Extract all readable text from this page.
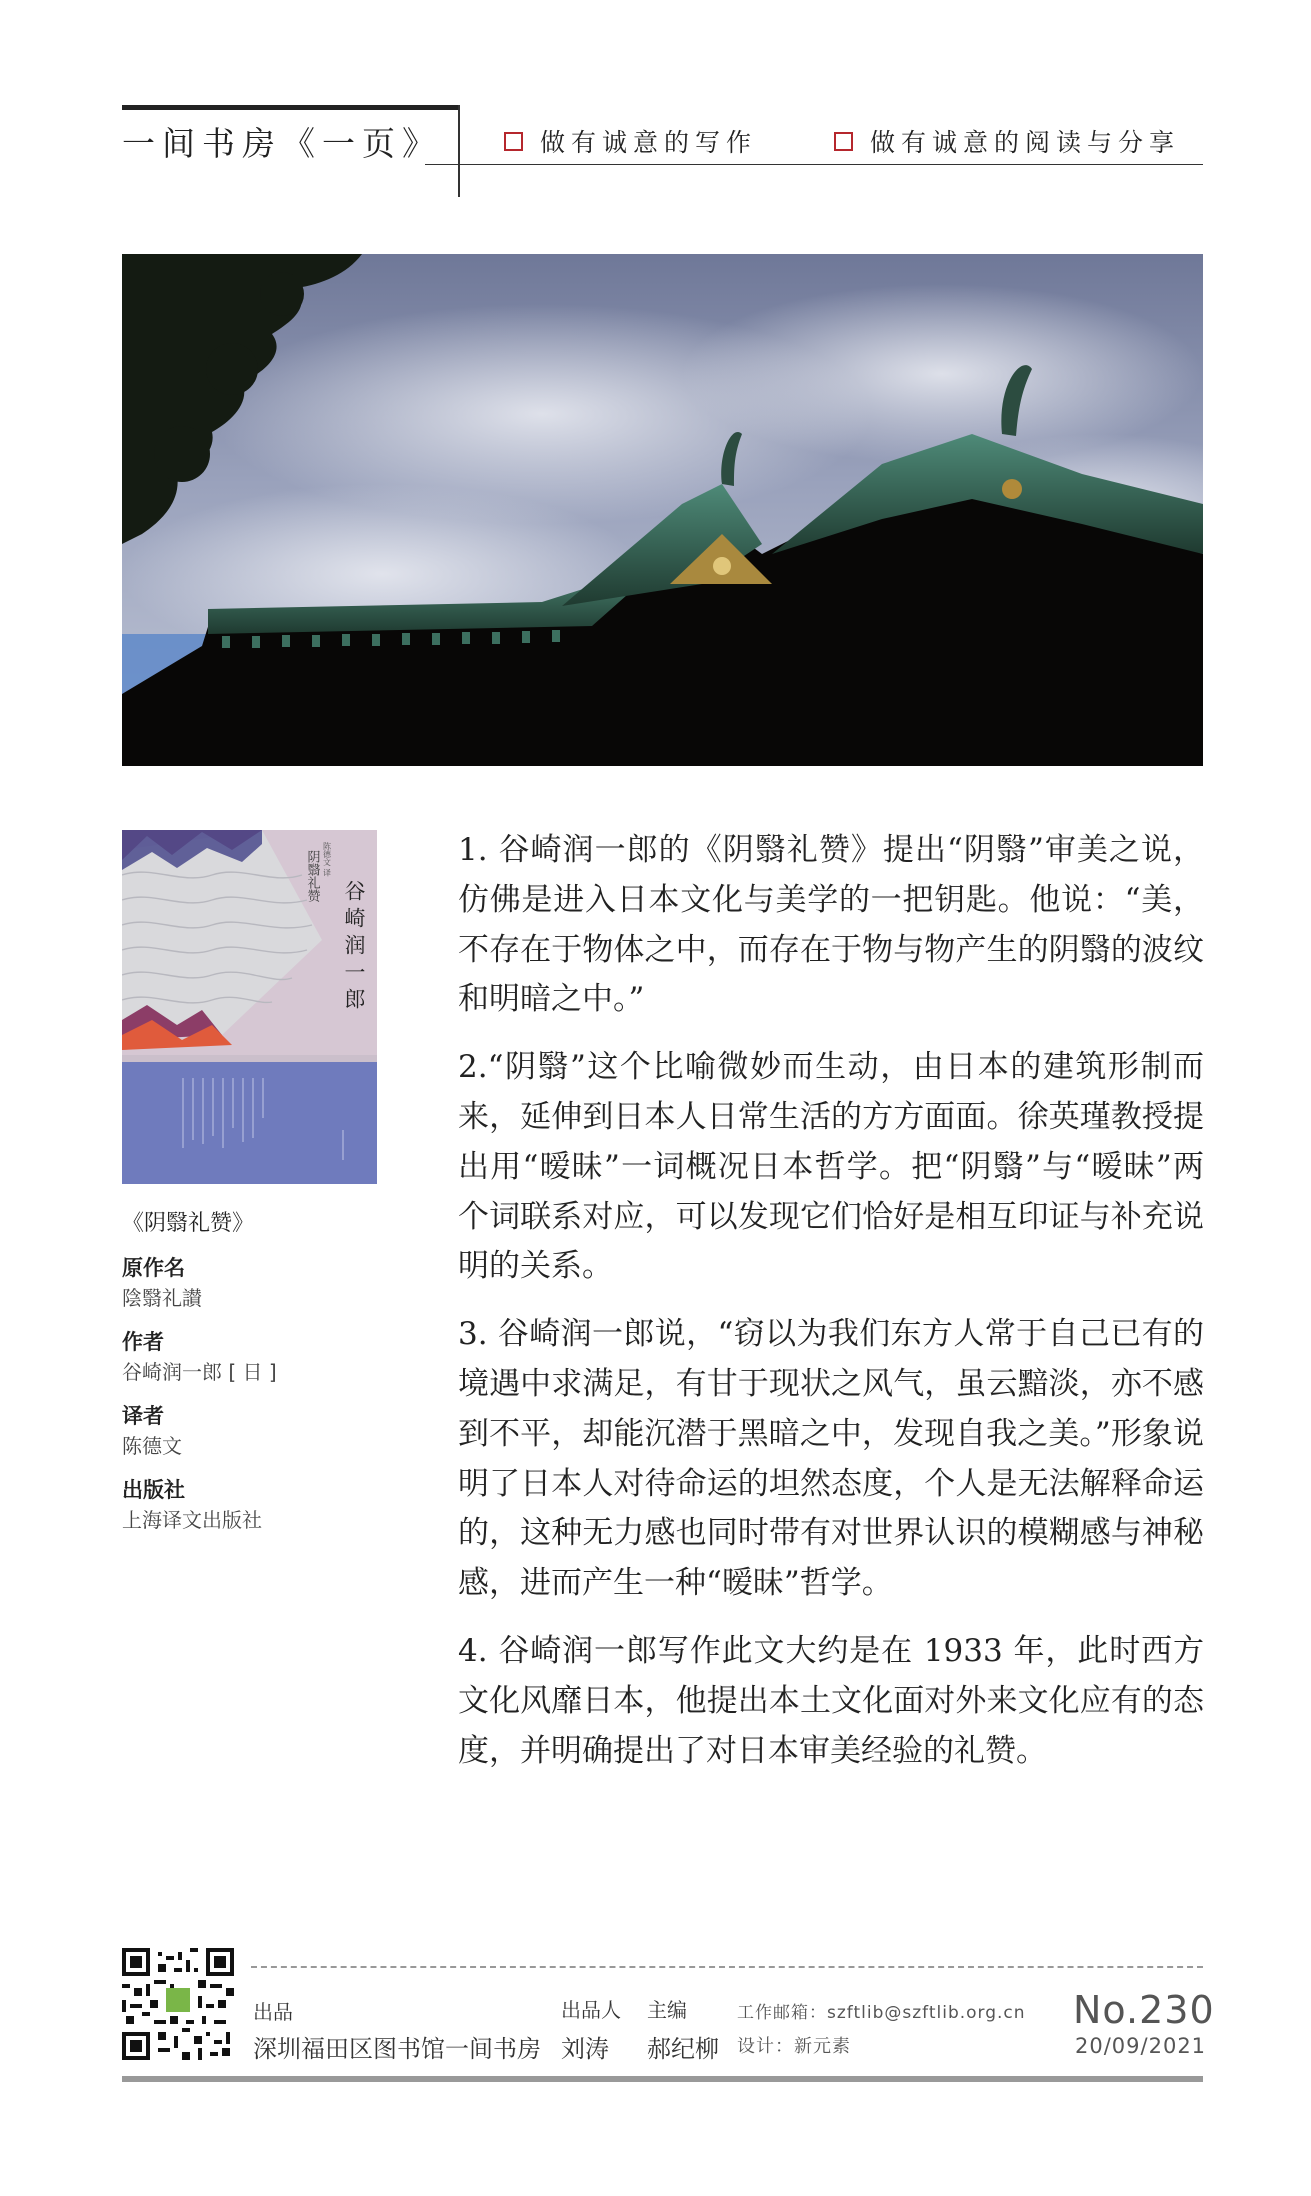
一间书房《一页》	做有诚意的写作	做有诚意的阅读与分享
阴翳礼赞
谷崎润一郎
陈德文 译
《阴翳礼赞》
原作名
陰翳礼讃
作者
谷崎润一郎 [ 日 ]
译者
陈德文
出版社
上海译文出版社

1. 谷崎润一郎的《阴翳礼赞》提出“阴翳”审美之说，仿佛是进入日本文化与美学的一把钥匙。他说：“美，不存在于物体之中，而存在于物与物产生的阴翳的波纹和明暗之中。”

2.“阴翳”这个比喻微妙而生动，由日本的建筑形制而来，延伸到日本人日常生活的方方面面。徐英瑾教授提出用“暧昧”一词概况日本哲学。把“阴翳”与“暧昧”两个词联系对应，可以发现它们恰好是相互印证与补充说明的关系。

3. 谷崎润一郎说，“窃以为我们东方人常于自己已有的境遇中求满足，有甘于现状之风气，虽云黯淡，亦不感到不平，却能沉潜于黑暗之中，发现自我之美。”形象说明了日本人对待命运的坦然态度，个人是无法解释命运的，这种无力感也同时带有对世界认识的模糊感与神秘感，进而产生一种“暧昧”哲学。

4. 谷崎润一郎写作此文大约是在 1933 年，此时西方文化风靡日本，他提出本土文化面对外来文化应有的态度，并明确提出了对日本审美经验的礼赞。

出品
深圳福田区图书馆一间书房
出品人
刘涛
主编
郝纪柳
工作邮箱：szftlib@szftlib.org.cn
设计：新元素
No.230
20/09/2021
